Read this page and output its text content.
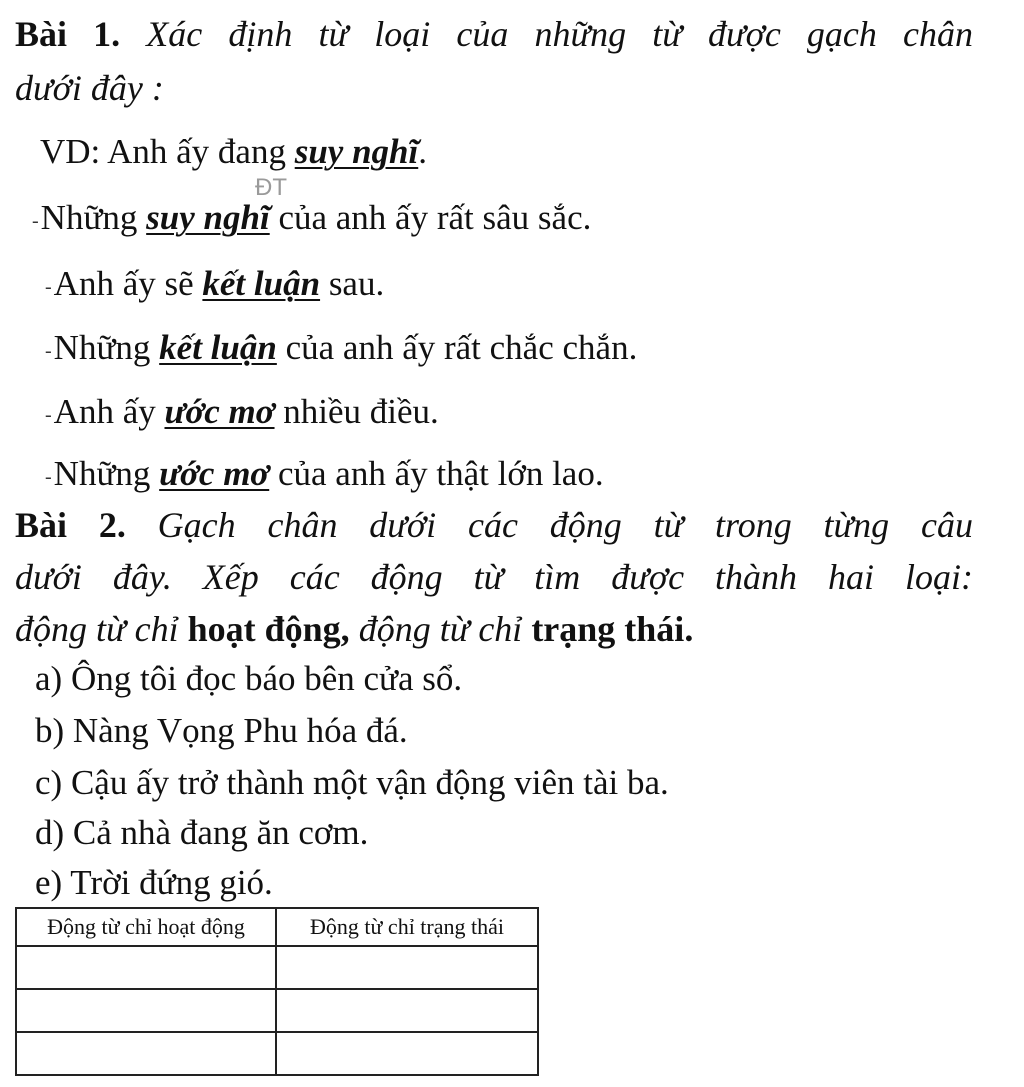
Bài 1. Xác định từ loại của những từ được gạch chân
dưới đây :
VD: Anh ấy đang suy nghĩ.
ĐT
-Những suy nghĩ của anh ấy rất sâu sắc.
-Anh ấy sẽ kết luận sau.
-Những kết luận của anh ấy rất chắc chắn.
-Anh ấy ước mơ nhiều điều.
-Những ước mơ của anh ấy thật lớn lao.
Bài 2. Gạch chân dưới các động từ trong từng câu
dưới đây. Xếp các động từ tìm được thành hai loại:
động từ chỉ hoạt động, động từ chỉ trạng thái.
a) Ông tôi đọc báo bên cửa sổ.
b) Nàng Vọng Phu hóa đá.
c) Cậu ấy trở thành một vận động viên tài ba.
d) Cả nhà đang ăn cơm.
e) Trời đứng gió.
Động từ chỉ hoạt động	Động từ chỉ trạng thái
